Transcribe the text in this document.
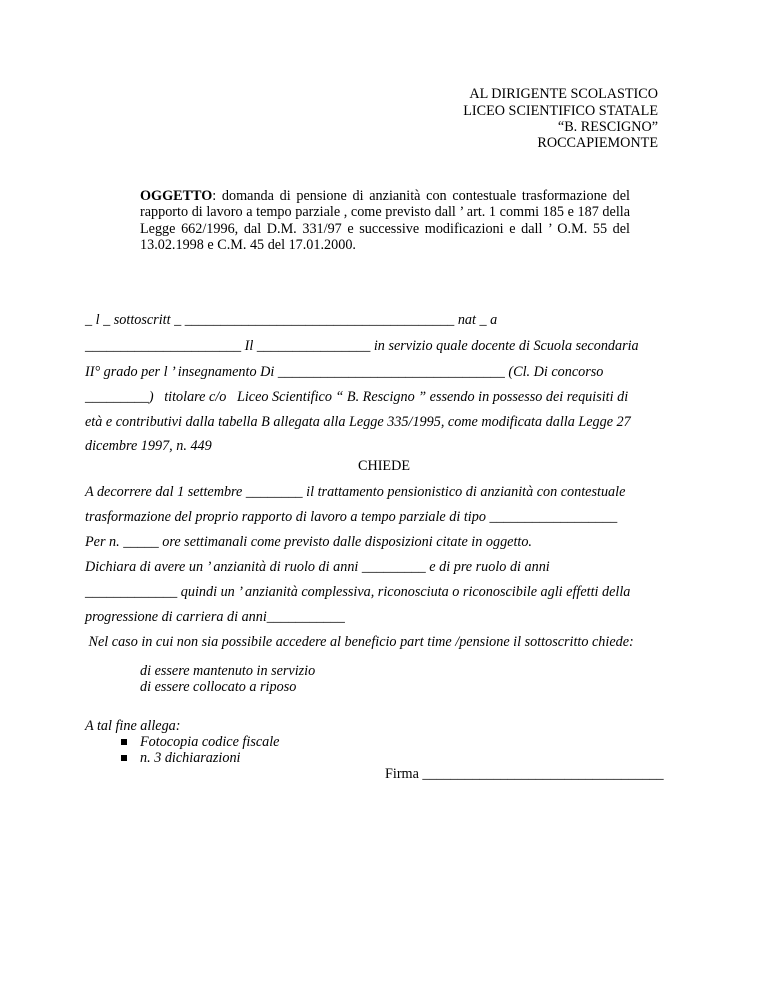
AL DIRIGENTE SCOLASTICO
LICEO SCIENTIFICO STATALE
“B. RESCIGNO”
ROCCAPIEMONTE
OGGETTO: domanda di pensione di anzianità con contestuale trasformazione del rapporto di lavoro a tempo parziale , come previsto dall ’ art. 1 commi 185 e 187 della Legge 662/1996, dal D.M. 331/97 e successive modificazioni e dall ’ O.M. 55 del 13.02.1998 e C.M. 45 del 17.01.2000.
_ l _ sottoscritt _ ______________________________________ nat _ a
______________________ Il ________________ in servizio quale docente di Scuola secondaria
II° grado per l ’ insegnamento Di ________________________________ (Cl. Di concorso
_________)   titolare c/o   Liceo Scientifico “ B. Rescigno ” essendo in possesso dei requisiti di
età e contributivi dalla tabella B allegata alla Legge 335/1995, come modificata dalla Legge 27
dicembre 1997, n. 449
CHIEDE
A decorrere dal 1 settembre ________ il trattamento pensionistico di anzianità con contestuale
trasformazione del proprio rapporto di lavoro a tempo parziale di tipo __________________
Per n. _____ ore settimanali come previsto dalle disposizioni citate in oggetto.
Dichiara di avere un ’ anzianità di ruolo di anni _________ e di pre ruolo di anni
_____________ quindi un ’ anzianità complessiva, riconosciuta o riconoscibile agli effetti della
progressione di carriera di anni___________
Nel caso in cui non sia possibile accedere al beneficio part time /pensione il sottoscritto chiede:
di essere mantenuto in servizio
di essere collocato a riposo
A tal fine allega:
Fotocopia codice fiscale
n. 3 dichiarazioni
Firma __________________________________
